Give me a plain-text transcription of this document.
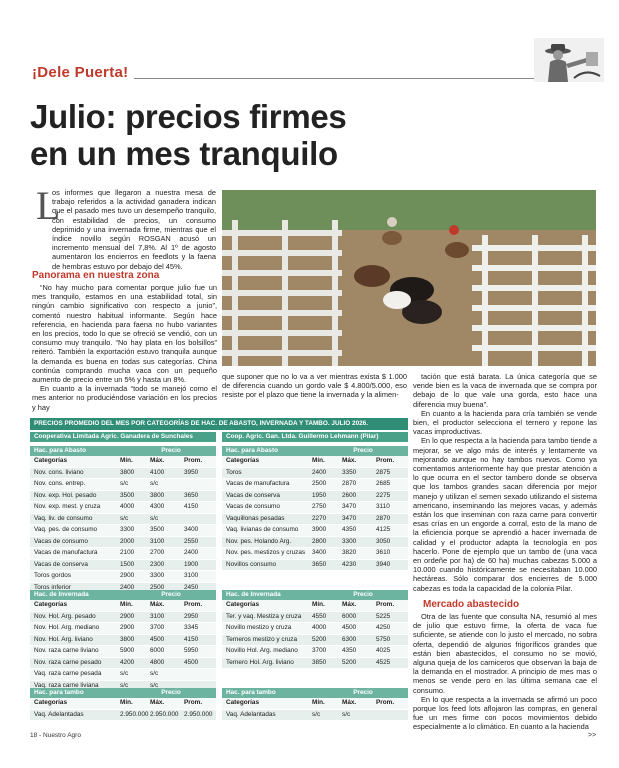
¡Dele Puerta!
Julio: precios firmes
en un mes tranquilo
L
os informes que llegaron a nuestra mesa de trabajo referidos a la actividad ganadera indican que el pasado mes tuvo un desempeño tranquilo, con estabilidad de precios, un consumo deprimido y una invernada firme, mientras que el índice novillo según ROSGAN acusó un incremento mensual del 7,8%. Al 1º de agosto aumentaron los encierros en feedlots y la faena de hembras estuvo por debajo del 45%.
Panorama en nuestra zona

“No hay mucho para comentar porque julio fue un mes tranquilo, estamos en una estabilidad total, sin ningún cambio significativo con respecto a junio”, comentó nuestro habitual informante. Según hace referencia, en hacienda para faena no hubo variantes en los precios, todo lo que se ofreció se vendió, con un consumo muy tranquilo. “No hay plata en los bolsillos” reiteró. También la exportación estuvo tranquila aunque la demanda es buena en todas sus categorías. China continúa comprando mucha vaca con un pequeño aumento de precio entre un 5% y hasta un 8%.

En cuanto a la invernada “todo se manejó como el mes anterior no produciéndose variación en los precios y hay

que suponer que no lo va a ver mientras exista $ 1.000 de diferencia cuando un gordo vale $ 4.800/5.000, eso resiste por el plazo que tiene la invernada y la alimen-

tación que está barata. La única categoría que se vende bien es la vaca de invernada que se compra por debajo de lo que vale una gorda, esto hace una diferencia muy buena”.

En cuanto a la hacienda para cría también se vende bien, el productor selecciona el ternero y repone las vacas improductivas.

En lo que respecta a la hacienda para tambo tiende a mejorar, se ve algo más de interés y lentamente va mejorando aunque no hay tambos nuevos. Como ya comentamos anteriormente hay que prestar atención a lo que ocurra en el sector tambero donde se observa que los tambos grandes sacan diferencia por mejor manejo y utilizan el semen sexado utilizando el sistema americano, inseminando las mejores vacas, y además están los que inseminan con raza carne para convertir esas crías en un engorde a corral, esto de la mano de la eficiencia porque se aprendió a hacer invernada de calidad y el productor adapta la tecnología en pos hacerlo. Pone de ejemplo que un tambo de (una vaca en ordeñe por ha) de 60 ha) muchas cabezas 5.000 a 10.000 cuando históricamente se necesitaban 10.000 hectáreas. Sólo comparar dos encierres de 5.000 cabezas es toda la capacidad de la colonia Pilar.

Mercado abastecido

Otra de las fuente que consulta NA, resumió al mes de julio que estuvo firme, la oferta de vaca fue suficiente, se atiende con lo justo el mercado, no sobra oferta, dependió de algunos frigoríficos grandes que están bien abastecidos, el consumo no se movió, alguna queja de los carniceros que observan la baja de la demanda en el mostrador. A principio de mes mas o menos se vende pero en las última semana cae el consumo.

En lo que respecta a la invernada se afirmó un poco porque los feed lots aflojaron las compras, en general fue un mes firme con pocos movimientos debido especialmente a lo climático. En cuanto a la hacienda

PRECIOS PROMEDIO DEL MES POR CATEGORÍAS DE HAC. DE ABASTO, INVERNADA Y TAMBO. JULIO 2026.
Cooperativa Limitada Agric. Ganadera de Sunchales	Coop. Agric. Gan. Ltda. Guillermo Lehmann (Pilar)
Hac. para Abasto	Precio
Categorías	Mín.	Máx.	Prom.
Nov. cons. liviano	3800	4100	3950
Nov. cons. entrep.	s/c	s/c
Nov. exp. Hol. pesado	3500	3800	3650
Nov. exp. mest. y cruza	4000	4300	4150
Vaq. liv. de consumo	s/c	s/c
Vaq. pes. de consumo	3300	3500	3400
Vacas de consumo	2000	3100	2550
Vacas de manufactura	2100	2700	2400
Vacas de conserva	1500	2300	1900
Toros gordos	2900	3300	3100
Toros inferior	2400	2500	2450
Hac. de Invernada	Precio
Categorías	Mín.	Máx.	Prom.
Nov. Hol. Arg. pesado	2900	3100	2950
Nov. Hol. Arg. mediano	2900	3700	3345
Nov. Hol. Arg. liviano	3800	4500	4150
Nov. raza carne liviano	5900	6000	5950
Nov. raza carne pesado	4200	4800	4500
Vaq. raza carne pesada	s/c	s/c
Vaq. raza carne liviana	s/c	s/c
Hac. para tambo	Precio
Categorías	Mín.	Máx.	Prom.
Vaq. Adelantadas	2.950.000 2.950.000 2.950.000
Hac. para Abasto	Precio
Categorías	Mín.	Máx.	Prom.
Toros	2400	3350	2875
Vacas de manufactura	2500	2870	2685
Vacas de conserva	1950	2600	2275
Vacas de consumo	2750	3470	3110
Vaquillonas pesadas	2270	3470	2870
Vaq. livianas de consumo	3900	4350	4125
Nov. pes. Holando Arg.	2800	3300	3050
Nov. pes. mestizos y cruzas	3400	3820	3610
Novillos consumo	3650	4230	3940
Hac. de Invernada	Precio
Categorías	Mín.	Máx.	Prom.
Ter. y vaq. Mestiza y cruza	4550	6000	5225
Novillo mestizo y cruza	4000	4500	4250
Terneros mestizo y cruza	5200	6300	5750
Novillo Hol. Arg. mediano	3700	4350	4025
Ternero Hol. Arg. liviano	3850	5200	4525
Hac. para tambo	Precio
Categorías	Mín.	Máx.	Prom.
Vaq. Adelantadas	s/c	s/c
18 - Nuestro Agro	>>
